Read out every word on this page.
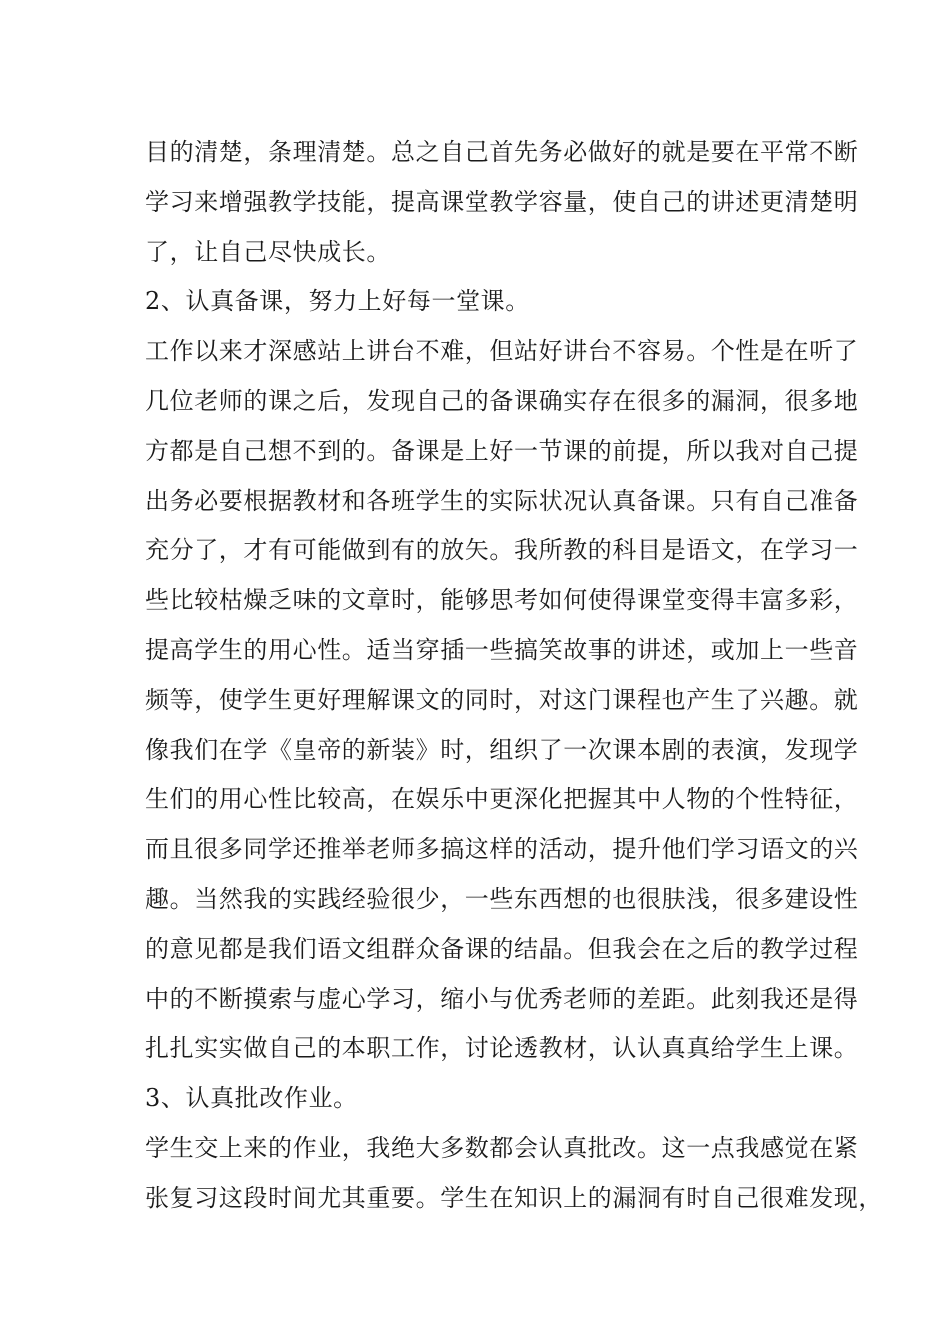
目的清楚，条理清楚。总之自己首先务必做好的就是要在平常不断
学习来增强教学技能，提高课堂教学容量，使自己的讲述更清楚明
了，让自己尽快成长。
2、认真备课，努力上好每一堂课。
工作以来才深感站上讲台不难，但站好讲台不容易。个性是在听了
几位老师的课之后，发现自己的备课确实存在很多的漏洞，很多地
方都是自己想不到的。备课是上好一节课的前提，所以我对自己提
出务必要根据教材和各班学生的实际状况认真备课。只有自己准备
充分了，才有可能做到有的放矢。我所教的科目是语文，在学习一
些比较枯燥乏味的文章时，能够思考如何使得课堂变得丰富多彩，
提高学生的用心性。适当穿插一些搞笑故事的讲述，或加上一些音
频等，使学生更好理解课文的同时，对这门课程也产生了兴趣。就
像我们在学《皇帝的新装》时，组织了一次课本剧的表演，发现学
生们的用心性比较高，在娱乐中更深化把握其中人物的个性特征，
而且很多同学还推举老师多搞这样的活动，提升他们学习语文的兴
趣。当然我的实践经验很少，一些东西想的也很肤浅，很多建设性
的意见都是我们语文组群众备课的结晶。但我会在之后的教学过程
中的不断摸索与虚心学习，缩小与优秀老师的差距。此刻我还是得
扎扎实实做自己的本职工作，讨论透教材，认认真真给学生上课。
3、认真批改作业。
学生交上来的作业，我绝大多数都会认真批改。这一点我感觉在紧
张复习这段时间尤其重要。学生在知识上的漏洞有时自己很难发现，
